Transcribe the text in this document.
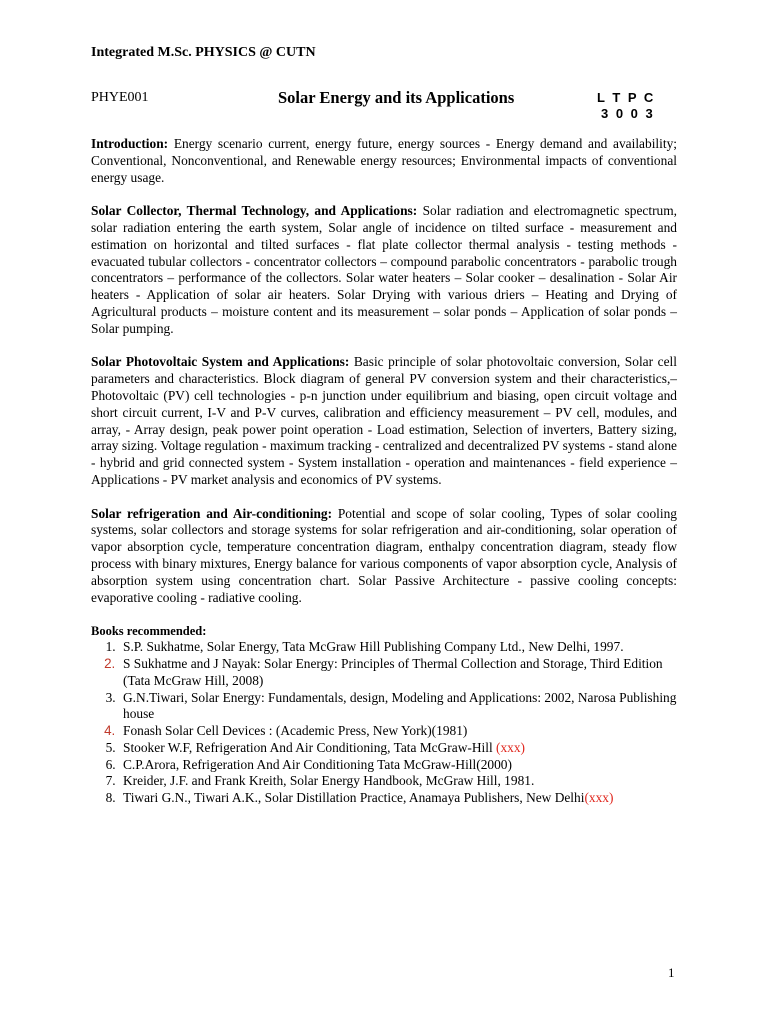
Integrated M.Sc. PHYSICS @ CUTN
PHYE001	Solar Energy and its Applications	L T P C
3 0 0 3

Introduction: Energy scenario current, energy future, energy sources - Energy demand and availability; Conventional, Nonconventional, and Renewable energy resources; Environmental impacts of conventional energy usage.

Solar Collector, Thermal Technology, and Applications: Solar radiation and electromagnetic spectrum, solar radiation entering the earth system, Solar angle of incidence on tilted surface - measurement and estimation on horizontal and tilted surfaces - flat plate collector thermal analysis - testing methods - evacuated tubular collectors - concentrator collectors – compound parabolic concentrators - parabolic trough concentrators – performance of the collectors. Solar water heaters – Solar cooker – desalination - Solar Air heaters - Application of solar air heaters. Solar Drying with various driers – Heating and Drying of Agricultural products – moisture content and its measurement – solar ponds – Application of solar ponds – Solar pumping.

Solar Photovoltaic System and Applications: Basic principle of solar photovoltaic conversion, Solar cell parameters and characteristics. Block diagram of general PV conversion system and their characteristics,– Photovoltaic (PV) cell technologies - p-n junction under equilibrium and biasing, open circuit voltage and short circuit current, I-V and P-V curves, calibration and efficiency measurement – PV cell, modules, and array, - Array design, peak power point operation - Load estimation, Selection of inverters, Battery sizing, array sizing. Voltage regulation - maximum tracking - centralized and decentralized PV systems - stand alone - hybrid and grid connected system - System installation - operation and maintenances - field experience – Applications - PV market analysis and economics of PV systems.

Solar refrigeration and Air-conditioning: Potential and scope of solar cooling, Types of solar cooling systems, solar collectors and storage systems for solar refrigeration and air-conditioning, solar operation of vapor absorption cycle, temperature concentration diagram, enthalpy concentration diagram, steady flow process with binary mixtures, Energy balance for various components of vapor absorption cycle, Analysis of absorption system using concentration chart. Solar Passive Architecture - passive cooling concepts: evaporative cooling - radiative cooling.

Books recommended:

1. S.P. Sukhatme, Solar Energy, Tata McGraw Hill Publishing Company Ltd., New Delhi, 1997.
2. S Sukhatme and J Nayak: Solar Energy: Principles of Thermal Collection and Storage, Third Edition (Tata McGraw Hill, 2008)
3. G.N.Tiwari, Solar Energy: Fundamentals, design, Modeling and Applications: 2002, Narosa Publishing house
4. Fonash Solar Cell Devices : (Academic Press, New York)(1981)
5. Stooker W.F, Refrigeration And Air Conditioning, Tata McGraw-Hill (xxx)
6. C.P.Arora, Refrigeration And Air Conditioning Tata McGraw-Hill(2000)
7. Kreider, J.F. and Frank Kreith, Solar Energy Handbook, McGraw Hill, 1981.
8. Tiwari G.N., Tiwari A.K., Solar Distillation Practice, Anamaya Publishers, New Delhi(xxx)
1
